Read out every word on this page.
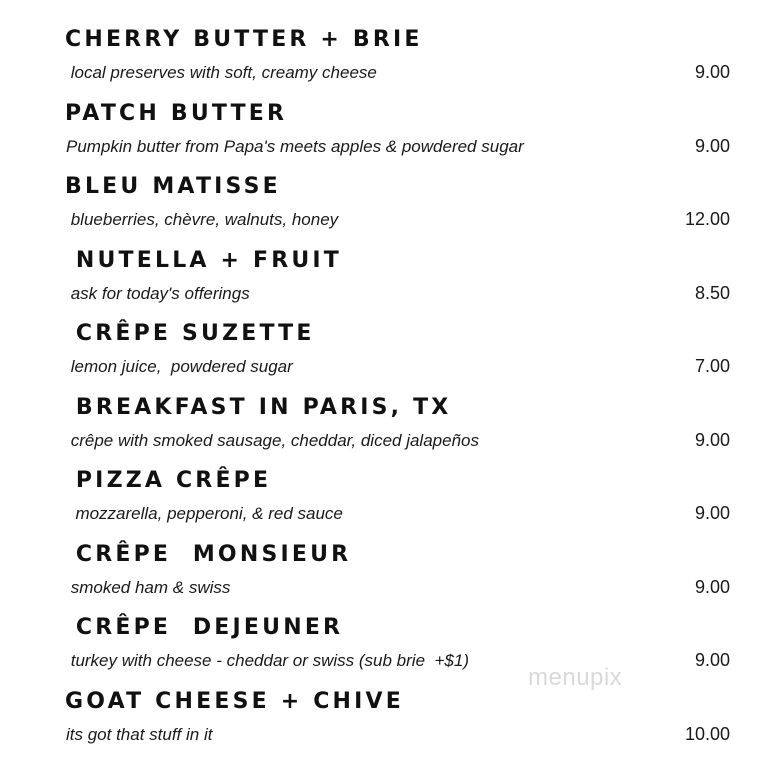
CHERRY BUTTER + BRIE
local preserves with soft, creamy cheese	9.00
PATCH BUTTER
Pumpkin butter from Papa's meets apples & powdered sugar	9.00
BLEU MATISSE
blueberries, chèvre, walnuts, honey	12.00
NUTELLA + FRUIT
ask for today's offerings	8.50
CRÊPE SUZETTE
lemon juice,  powdered sugar	7.00
BREAKFAST IN PARIS, TX
crêpe with smoked sausage, cheddar, diced jalapeños	9.00
PIZZA CRÊPE
mozzarella, pepperoni, & red sauce	9.00
CRÊPE  MONSIEUR
smoked ham & swiss	9.00
CRÊPE  DEJEUNER
turkey with cheese - cheddar or swiss (sub brie  +$1)	9.00
GOAT CHEESE + CHIVE
its got that stuff in it	10.00
menupix
